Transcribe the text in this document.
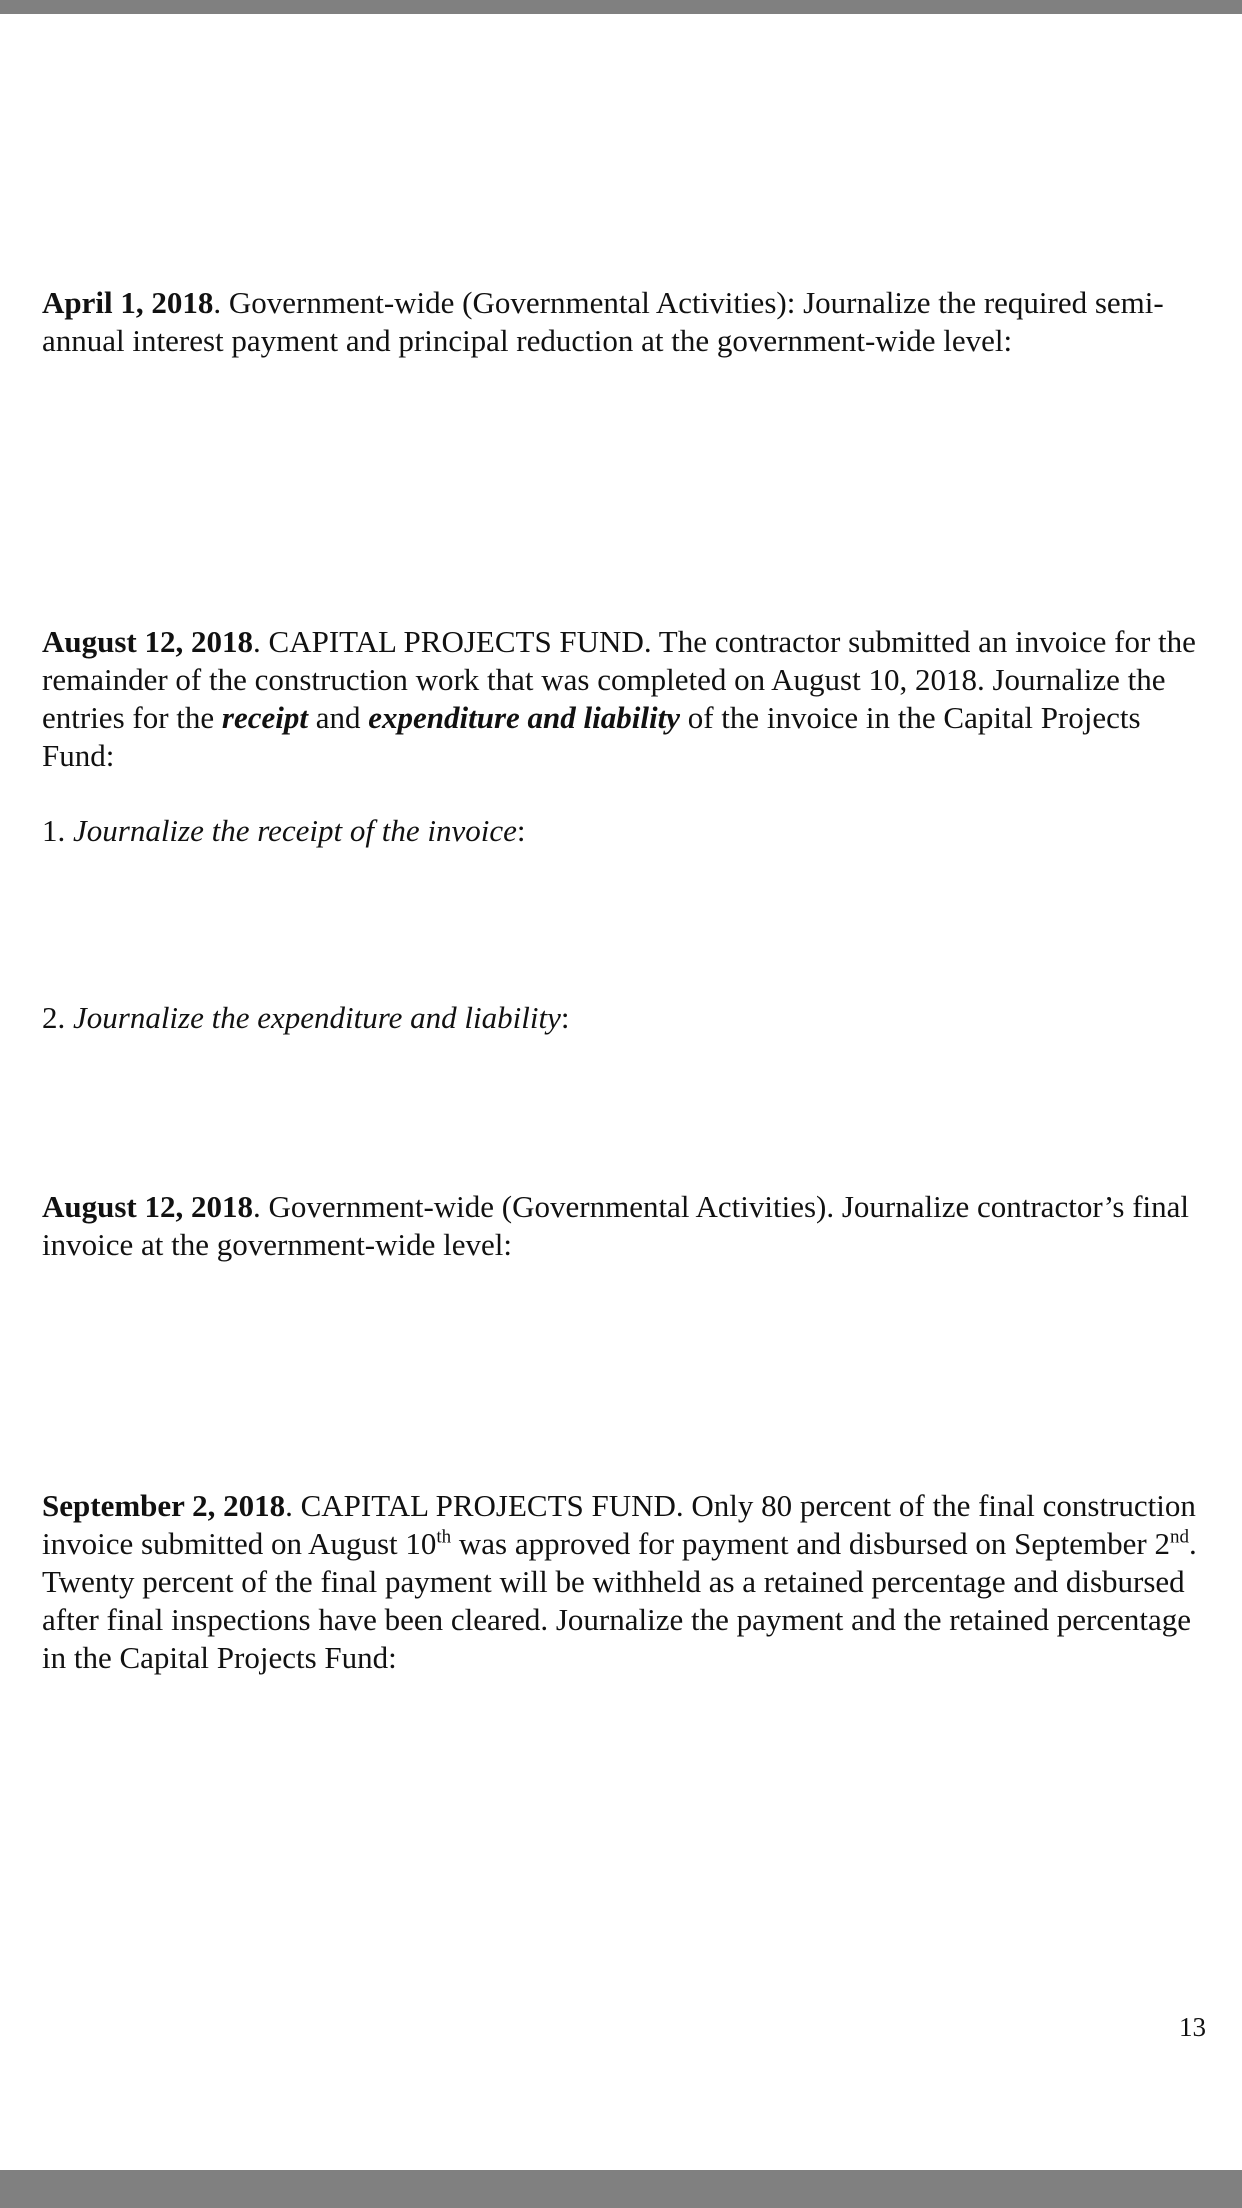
April 1, 2018. Government-wide (Governmental Activities): Journalize the required semi-annual interest payment and principal reduction at the government-wide level:

August 12, 2018. CAPITAL PROJECTS FUND. The contractor submitted an invoice for the remainder of the construction work that was completed on August 10, 2018. Journalize the entries for the receipt and expenditure and liability of the invoice in the Capital Projects Fund:

1. Journalize the receipt of the invoice:

2. Journalize the expenditure and liability:

August 12, 2018. Government-wide (Governmental Activities). Journalize contractor’s final invoice at the government-wide level:

September 2, 2018. CAPITAL PROJECTS FUND. Only 80 percent of the final construction invoice submitted on August 10th was approved for payment and disbursed on September 2nd. Twenty percent of the final payment will be withheld as a retained percentage and disbursed after final inspections have been cleared. Journalize the payment and the retained percentage in the Capital Projects Fund:

13
